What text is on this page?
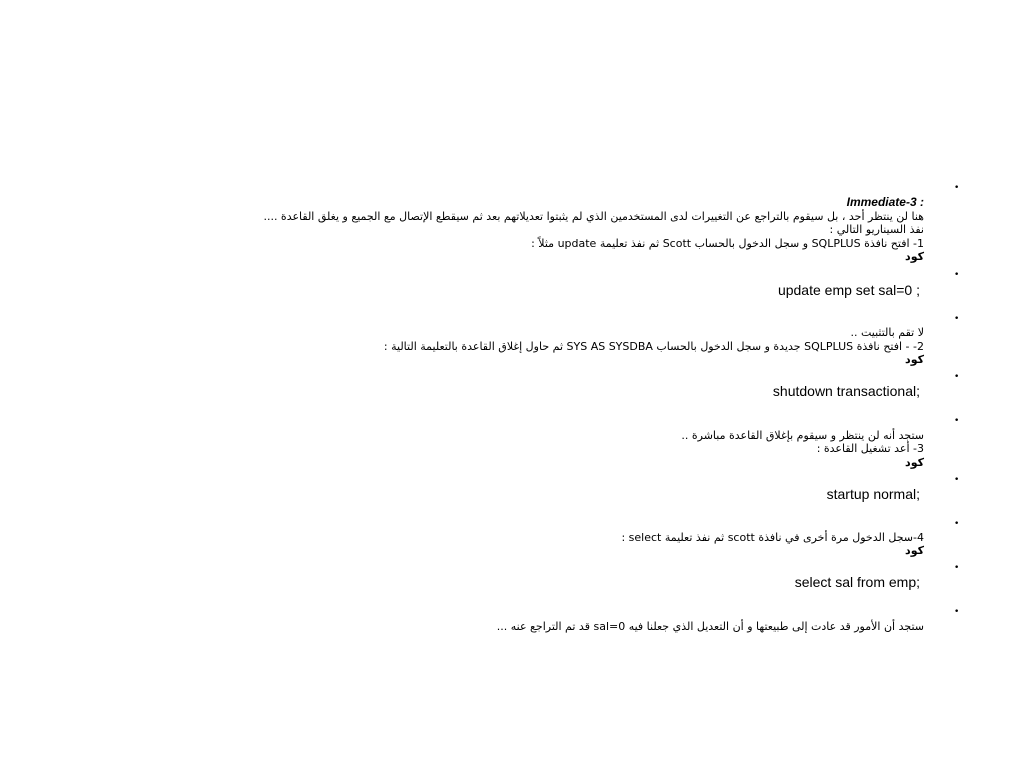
•
: Immediate-3
هنا لن ينتظر أحد ، بل سيقوم بالتراجع عن التغييرات لدى المستخدمين الذي لم يثبتوا تعديلاتهم بعد ثم سيقطع الإتصال مع الجميع و يغلق القاعدة ....
نفذ السيناريو التالي :
1- افتح نافذة SQLPLUS و سجل الدخول بالحساب Scott ثم نفذ تعليمة update مثلاً :
كود
•
update emp set sal=0 ;
•
لا تقم بالتثبيت ..
2- - افتح نافذة SQLPLUS جديدة و سجل الدخول بالحساب SYS AS SYSDBA ثم حاول إغلاق القاعدة بالتعليمة التالية :
كود
•
shutdown transactional;
•
ستجد أنه لن ينتظر و سيقوم بإغلاق القاعدة مباشرة ..
3- أعد تشغيل القاعدة :
كود
•
startup normal;
•
4-سجل الدخول مرة أخرى في نافذة scott ثم نفذ تعليمة select :
كود
•
select sal from emp;
•
ستجد أن الأمور قد عادت إلى طبيعتها و أن التعديل الذي جعلنا فيه sal=0 قد تم التراجع عنه ...
